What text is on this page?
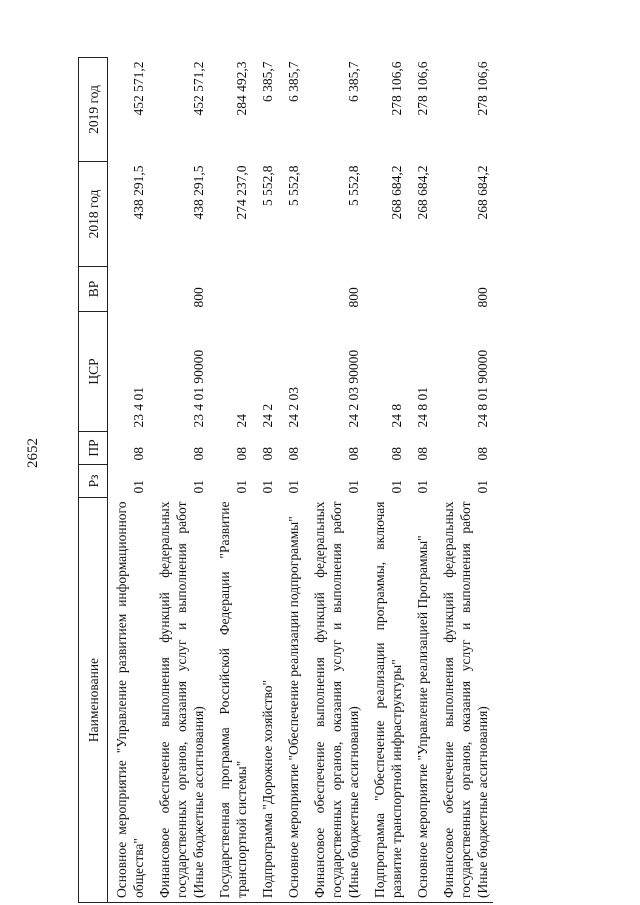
2652
Наименование	Рз	ПР	ЦСР	ВР	2018 год	2019 год
Основное мероприятие "Управление развитием информационного общества"	01	08	23 4 01		438 291,5	452 571,2
Финансовое обеспечение выполнения функций федеральных государственных органов, оказания услуг и выполнения работ (Иные бюджетные ассигнования)	01	08	23 4 01 90000	800	438 291,5	452 571,2
Государственная программа Российской Федерации "Развитие транспортной системы"	01	08	24		274 237,0	284 492,3
Подпрограмма "Дорожное хозяйство"	01	08	24 2		5 552,8	6 385,7
Основное мероприятие "Обеспечение реализации подпрограммы"	01	08	24 2 03		5 552,8	6 385,7
Финансовое обеспечение выполнения функций федеральных государственных органов, оказания услуг и выполнения работ (Иные бюджетные ассигнования)	01	08	24 2 03 90000	800	5 552,8	6 385,7
Подпрограмма "Обеспечение реализации программы, включая развитие транспортной инфраструктуры"	01	08	24 8		268 684,2	278 106,6
Основное мероприятие "Управление реализацией Программы"	01	08	24 8 01		268 684,2	278 106,6
Финансовое обеспечение выполнения функций федеральных государственных органов, оказания услуг и выполнения работ (Иные бюджетные ассигнования)	01	08	24 8 01 90000	800	268 684,2	278 106,6
